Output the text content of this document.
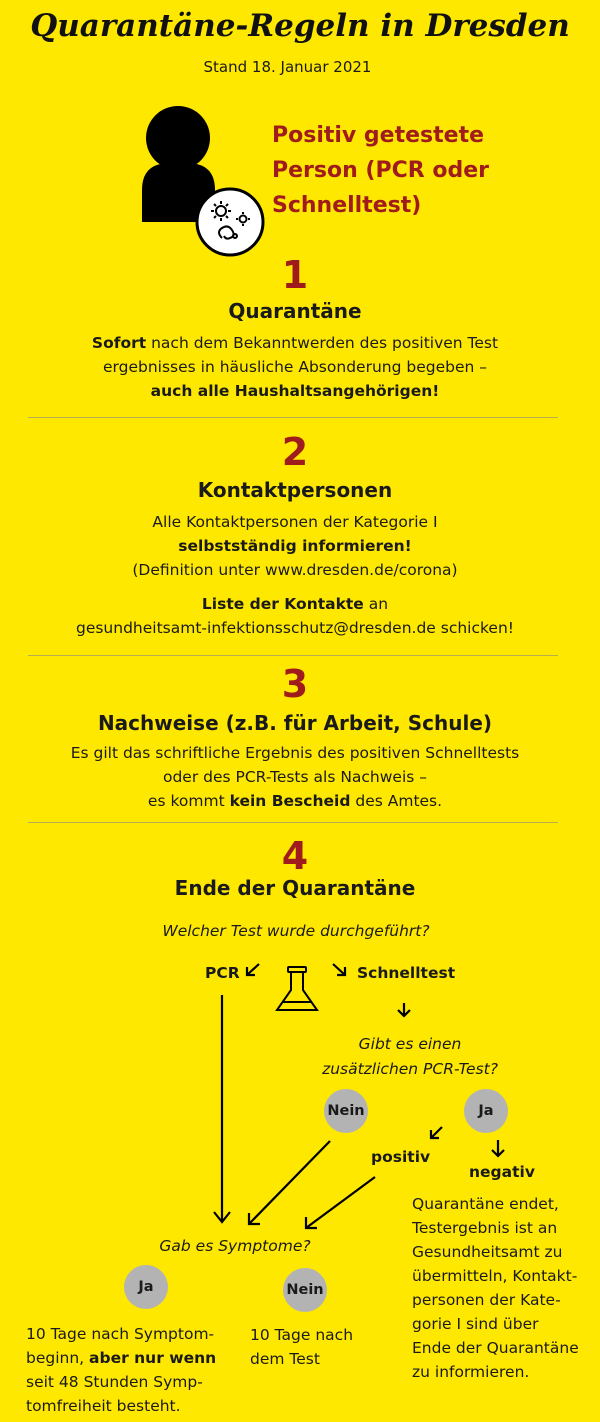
Quarantäne-Regeln in Dresden
Stand 18. Januar 2021
Positiv getestete
Person (PCR oder
Schnelltest)
1
Quarantäne
Sofort nach dem Bekanntwerden des positiven Test
ergebnisses in häusliche Absonderung begeben –
auch alle Haushaltsangehörigen!
2
Kontaktpersonen
Alle Kontaktpersonen der Kategorie I
selbstständig informieren!
(Definition unter www.dresden.de/corona)
Liste der Kontakte an
gesundheitsamt-infektionsschutz@dresden.de schicken!
3
Nachweise (z.B. für Arbeit, Schule)
Es gilt das schriftliche Ergebnis des positiven Schnelltests
oder des PCR-Tests als Nachweis –
es kommt kein Bescheid des Amtes.
4
Ende der Quarantäne
Welcher Test wurde durchgeführt?
PCR	Schnelltest
Gibt es einen
zusätzlichen PCR-Test?
Nein	Ja
positiv
negativ
Quarantäne endet,
Testergebnis ist an
Gesundheitsamt zu
übermitteln, Kontakt-
personen der Kate-
gorie I sind über
Ende der Quarantäne
zu informieren.
Gab es Symptome?
Ja	Nein
10 Tage nach Symptom-
beginn, aber nur wenn
seit 48 Stunden Symp-
tomfreiheit besteht.
10 Tage nach
dem Test
